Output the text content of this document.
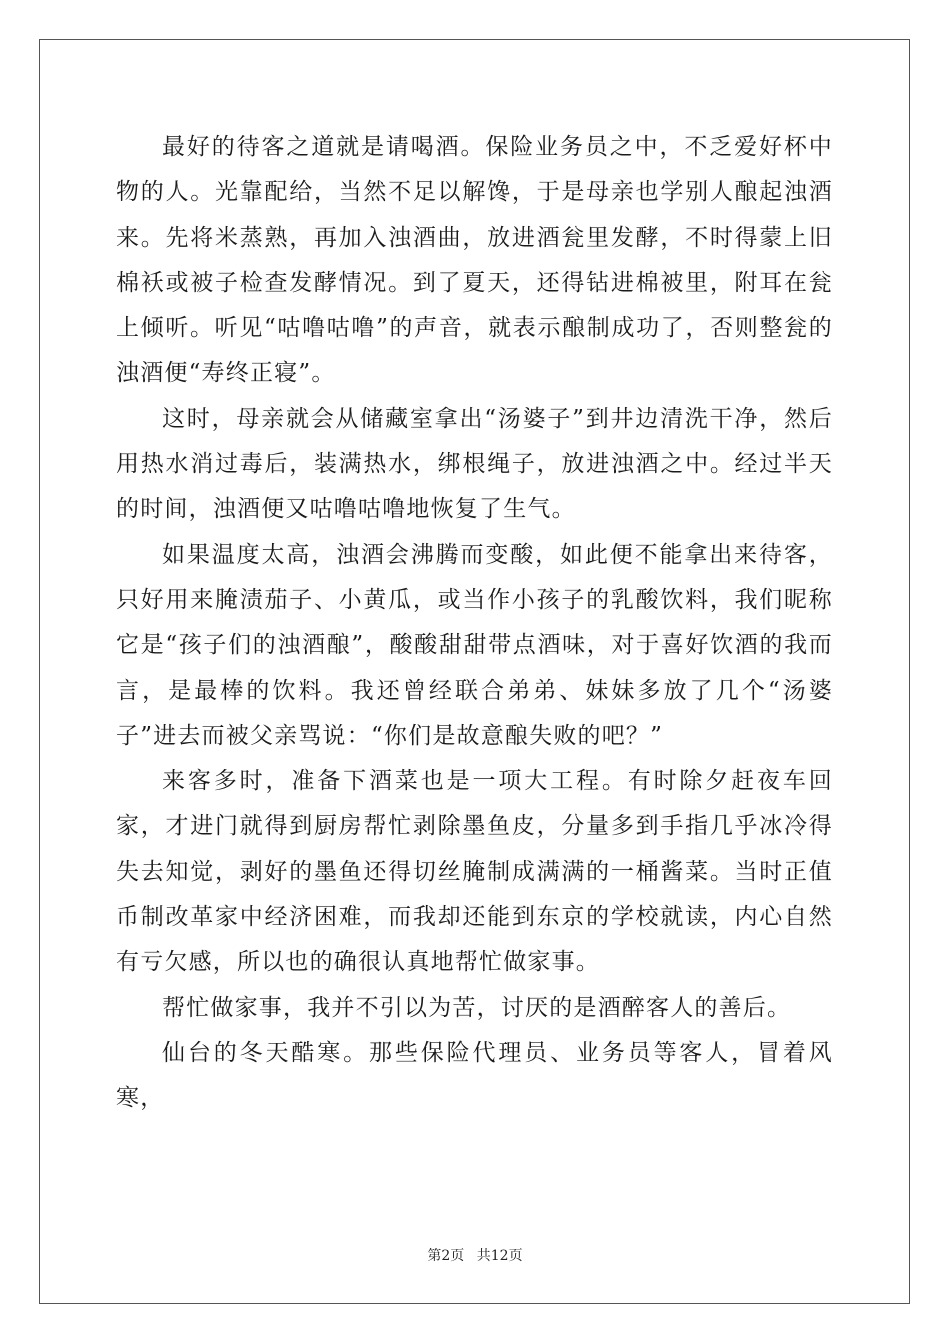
最好的待客之道就是请喝酒。保险业务员之中，不乏爱好杯中物的人。光靠配给，当然不足以解馋，于是母亲也学别人酿起浊酒来。先将米蒸熟，再加入浊酒曲，放进酒瓮里发酵，不时得蒙上旧棉袄或被子检查发酵情况。到了夏天，还得钻进棉被里，附耳在瓮上倾听。听见“咕噜咕噜”的声音，就表示酿制成功了，否则整瓮的浊酒便“寿终正寝”。

这时，母亲就会从储藏室拿出“汤婆子”到井边清洗干净，然后用热水消过毒后，装满热水，绑根绳子，放进浊酒之中。经过半天的时间，浊酒便又咕噜咕噜地恢复了生气。

如果温度太高，浊酒会沸腾而变酸，如此便不能拿出来待客，只好用来腌渍茄子、小黄瓜，或当作小孩子的乳酸饮料，我们昵称它是“孩子们的浊酒酿”，酸酸甜甜带点酒味，对于喜好饮酒的我而言，是最棒的饮料。我还曾经联合弟弟、妹妹多放了几个“汤婆子”进去而被父亲骂说：“你们是故意酿失败的吧？”

来客多时，准备下酒菜也是一项大工程。有时除夕赶夜车回家，才进门就得到厨房帮忙剥除墨鱼皮，分量多到手指几乎冰冷得失去知觉，剥好的墨鱼还得切丝腌制成满满的一桶酱菜。当时正值币制改革家中经济困难，而我却还能到东京的学校就读，内心自然有亏欠感，所以也的确很认真地帮忙做家事。

帮忙做家事，我并不引以为苦，讨厌的是酒醉客人的善后。

仙台的冬天酷寒。那些保险代理员、业务员等客人，冒着风寒，

第2页 共12页
